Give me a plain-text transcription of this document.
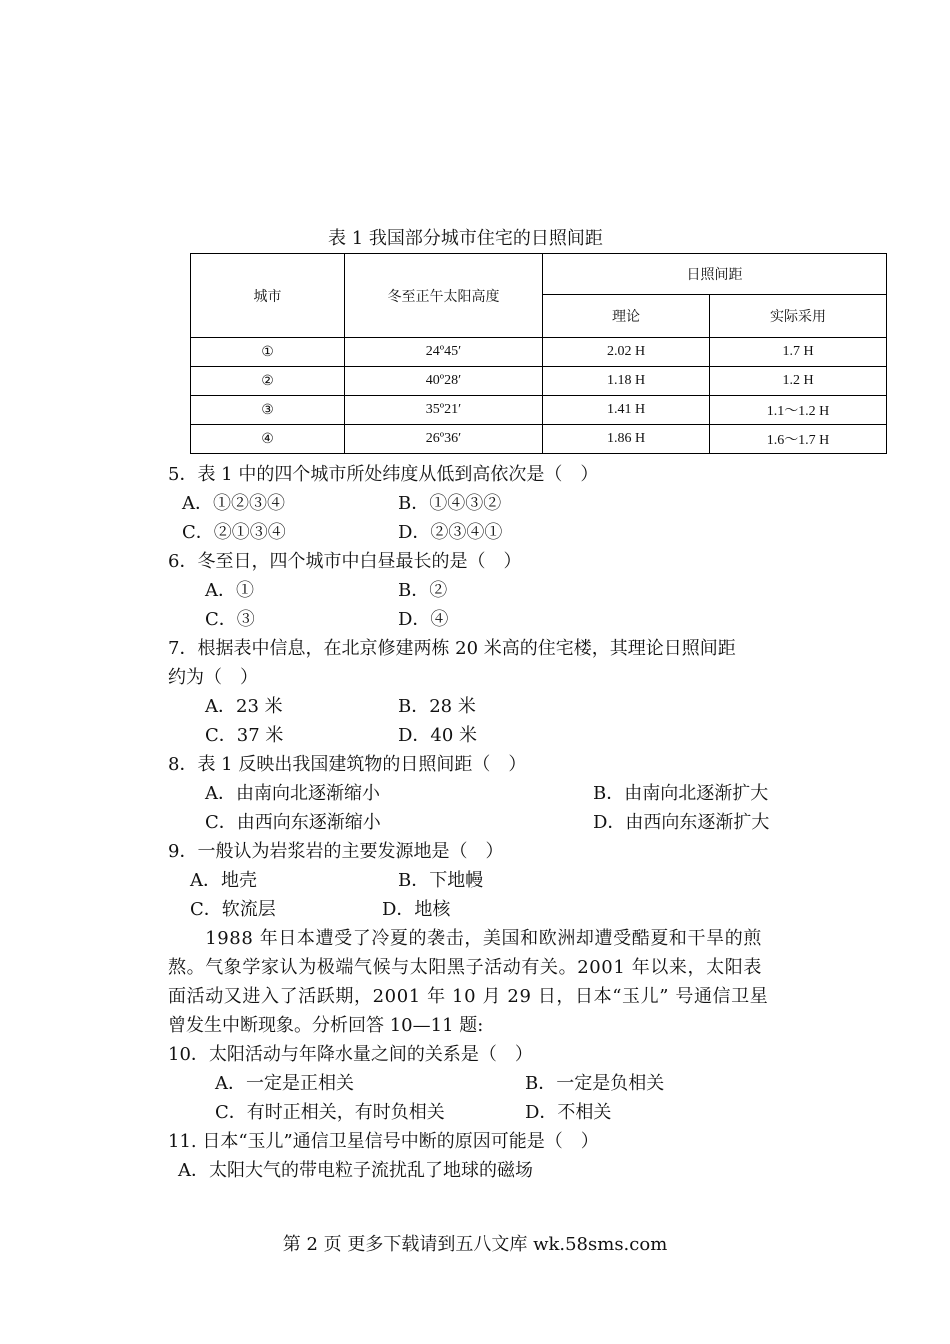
表 1 我国部分城市住宅的日照间距
城市	冬至正午太阳高度	日照间距	
		理论	实际采用
①	24º45′	2.02 H	1.7 H
②	40º28′	1.18 H	1.2 H
③	35º21′	1.41 H	1.1～1.2 H
④	26º36′	1.86 H	1.6～1.7 H
5．表 1 中的四个城市所处纬度从低到高依次是（　）
A．①②③④	B．①④③②
C．②①③④	D．②③④①
6．冬至日，四个城市中白昼最长的是（　）
A．①	B．②
C．③	D．④
7．根据表中信息，在北京修建两栋 20 米高的住宅楼，其理论日照间距
约为（　）
A．23 米	B．28 米
C．37 米	D．40 米
8．表 1 反映出我国建筑物的日照间距（　）
A．由南向北逐渐缩小	B．由南向北逐渐扩大
C．由西向东逐渐缩小	D．由西向东逐渐扩大
9．一般认为岩浆岩的主要发源地是（　）
A．地壳	B．下地幔
C．软流层	D．地核
　　1988 年日本遭受了冷夏的袭击，美国和欧洲却遭受酷夏和干旱的煎
熬。气象学家认为极端气候与太阳黑子活动有关。2001 年以来，太阳表
面活动又进入了活跃期，2001 年 10 月 29 日，日本“玉儿” 号通信卫星
曾发生中断现象。分析回答 10—11 题:
10．太阳活动与年降水量之间的关系是（　）
A．一定是正相关	B．一定是负相关
C．有时正相关，有时负相关	D．不相关
11. 日本“玉儿”通信卫星信号中断的原因可能是（　）
A．太阳大气的带电粒子流扰乱了地球的磁场
第 2 页 更多下载请到五八文库 wk.58sms.com
